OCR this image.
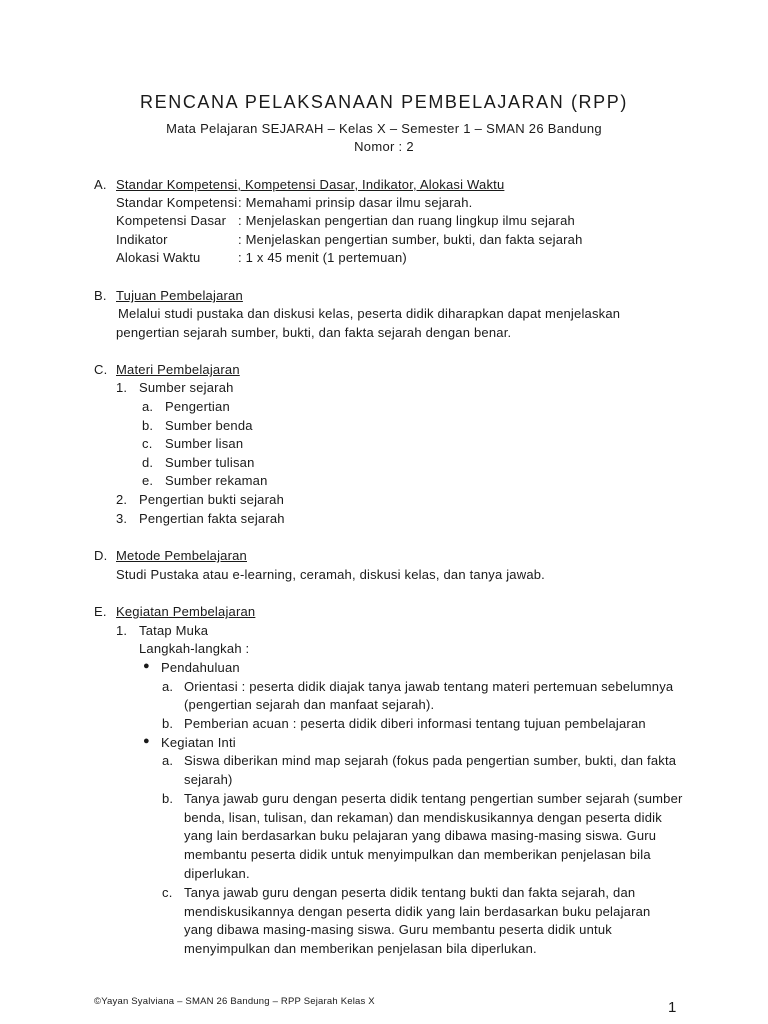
RENCANA PELAKSANAAN PEMBELAJARAN (RPP)
Mata Pelajaran SEJARAH – Kelas X – Semester 1 – SMAN 26 Bandung
Nomor : 2
A. Standar Kompetensi, Kompetensi Dasar, Indikator, Alokasi Waktu
Standar Kompetensi : Memahami prinsip dasar ilmu sejarah.
Kompetensi Dasar : Menjelaskan pengertian dan ruang lingkup ilmu sejarah
Indikator	: Menjelaskan pengertian sumber, bukti, dan fakta sejarah
Alokasi Waktu	: 1 x 45 menit (1 pertemuan)
B. Tujuan Pembelajaran
Melalui studi pustaka dan diskusi kelas, peserta didik diharapkan dapat menjelaskan
pengertian sejarah sumber, bukti, dan fakta sejarah dengan benar.
C. Materi Pembelajaran
1. Sumber sejarah
a. Pengertian
b. Sumber benda
c. Sumber lisan
d. Sumber tulisan
e. Sumber rekaman
2. Pengertian bukti sejarah
3. Pengertian fakta sejarah
D. Metode Pembelajaran
Studi Pustaka atau e-learning, ceramah, diskusi kelas, dan tanya jawab.
E. Kegiatan Pembelajaran
1. Tatap Muka
Langkah-langkah :
● Pendahuluan
a. Orientasi : peserta didik diajak tanya jawab tentang materi pertemuan sebelumnya
(pengertian sejarah dan manfaat sejarah).
b. Pemberian acuan : peserta didik diberi informasi tentang tujuan pembelajaran
● Kegiatan Inti
a. Siswa diberikan mind map sejarah (fokus pada pengertian sumber, bukti, dan fakta
sejarah)
b. Tanya jawab guru dengan peserta didik tentang pengertian sumber sejarah (sumber
benda, lisan, tulisan, dan rekaman) dan mendiskusikannya dengan peserta didik
yang lain berdasarkan buku pelajaran yang dibawa masing-masing siswa. Guru
membantu peserta didik untuk menyimpulkan dan memberikan penjelasan bila
diperlukan.
c. Tanya jawab guru dengan peserta didik tentang bukti dan fakta sejarah, dan
mendiskusikannya dengan peserta didik yang lain berdasarkan buku pelajaran
yang dibawa masing-masing siswa. Guru membantu peserta didik untuk
menyimpulkan dan memberikan penjelasan bila diperlukan.
©Yayan Syalviana – SMAN 26 Bandung – RPP Sejarah Kelas X	1
